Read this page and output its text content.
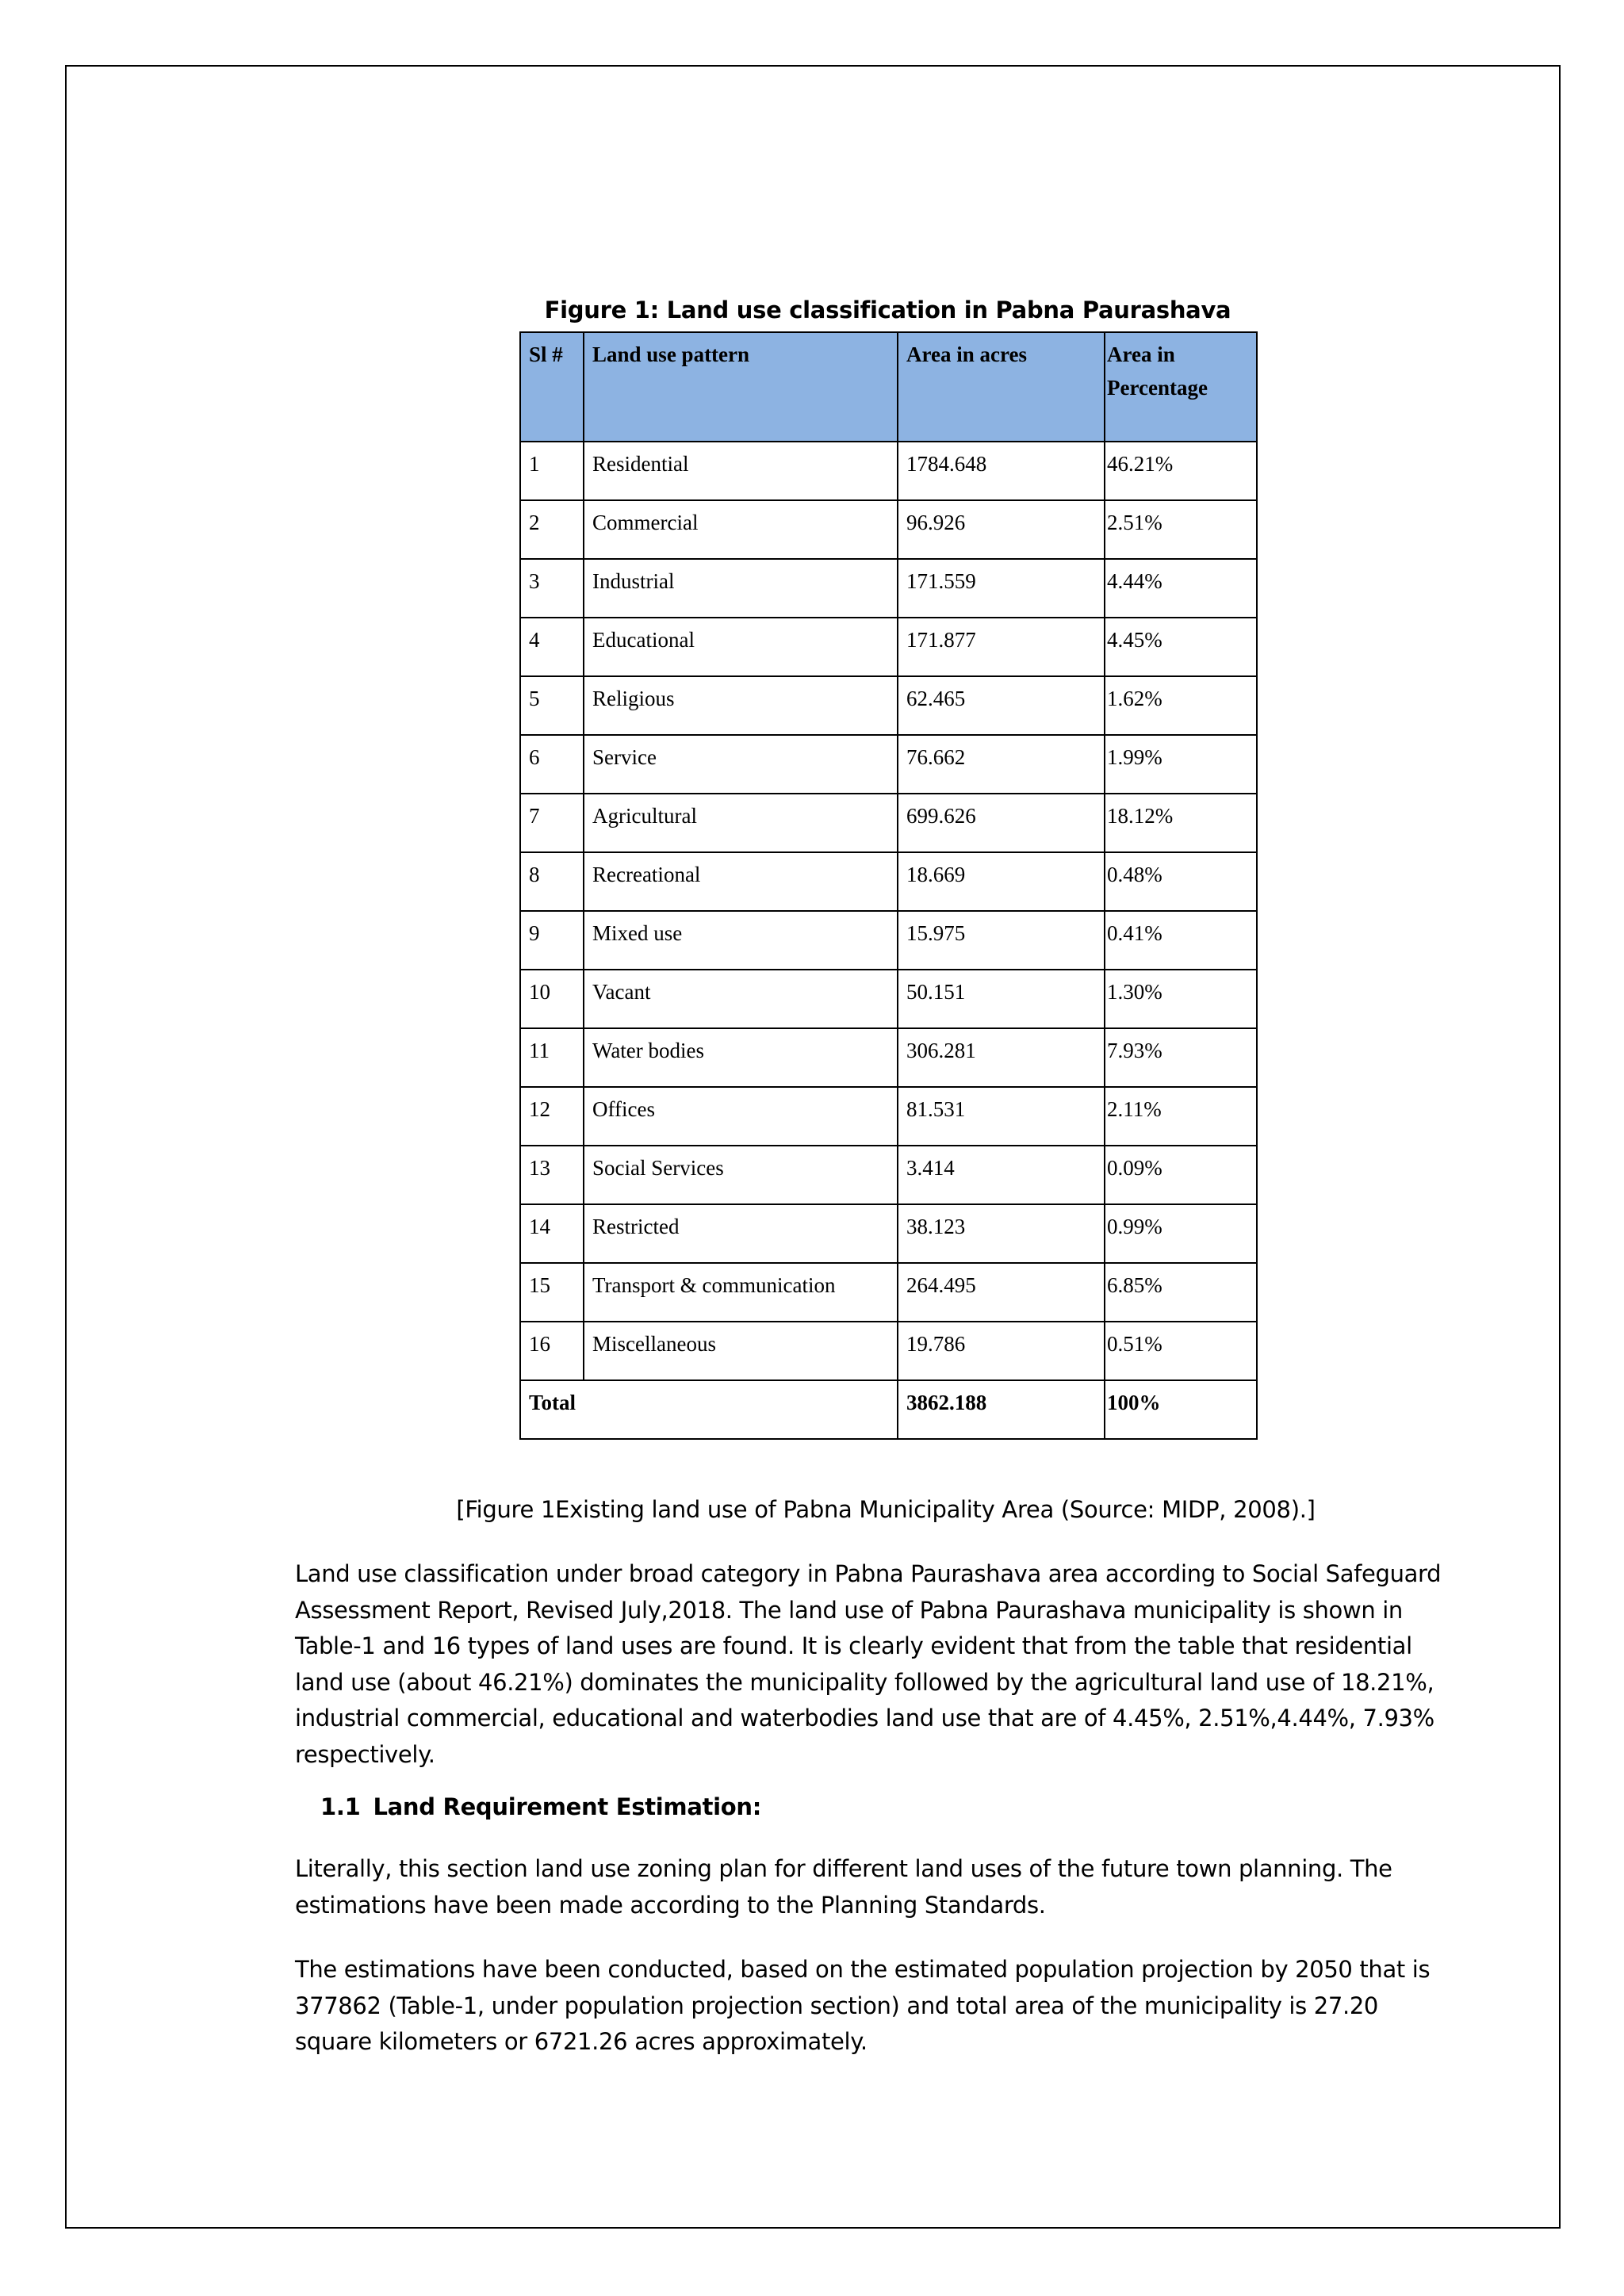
Figure 1: Land use classification in Pabna Paurashava
Sl #	Land use pattern	Area in acres	Area in Percentage
1	Residential	1784.648	46.21%
2	Commercial	96.926	2.51%
3	Industrial	171.559	4.44%
4	Educational	171.877	4.45%
5	Religious	62.465	1.62%
6	Service	76.662	1.99%
7	Agricultural	699.626	18.12%
8	Recreational	18.669	0.48%
9	Mixed use	15.975	0.41%
10	Vacant	50.151	1.30%
11	Water bodies	306.281	7.93%
12	Offices	81.531	2.11%
13	Social Services	3.414	0.09%
14	Restricted	38.123	0.99%
15	Transport & communication	264.495	6.85%
16	Miscellaneous	19.786	0.51%
Total		3862.188	100%
[Figure 1Existing land use of Pabna Municipality Area (Source: MIDP, 2008).]

Land use classification under broad category in Pabna Paurashava area according to Social Safeguard
Assessment Report, Revised July,2018. The land use of Pabna Paurashava municipality is shown in
Table-1 and 16 types of land uses are found. It is clearly evident that from the table that residential
land use (about 46.21%) dominates the municipality followed by the agricultural land use of 18.21%,
industrial commercial, educational and waterbodies land use that are of 4.45%, 2.51%,4.44%, 7.93%
respectively.

1.1 Land Requirement Estimation:

Literally, this section land use zoning plan for different land uses of the future town planning. The
estimations have been made according to the Planning Standards.

The estimations have been conducted, based on the estimated population projection by 2050 that is
377862 (Table-1, under population projection section) and total area of the municipality is 27.20
square kilometers or 6721.26 acres approximately.
